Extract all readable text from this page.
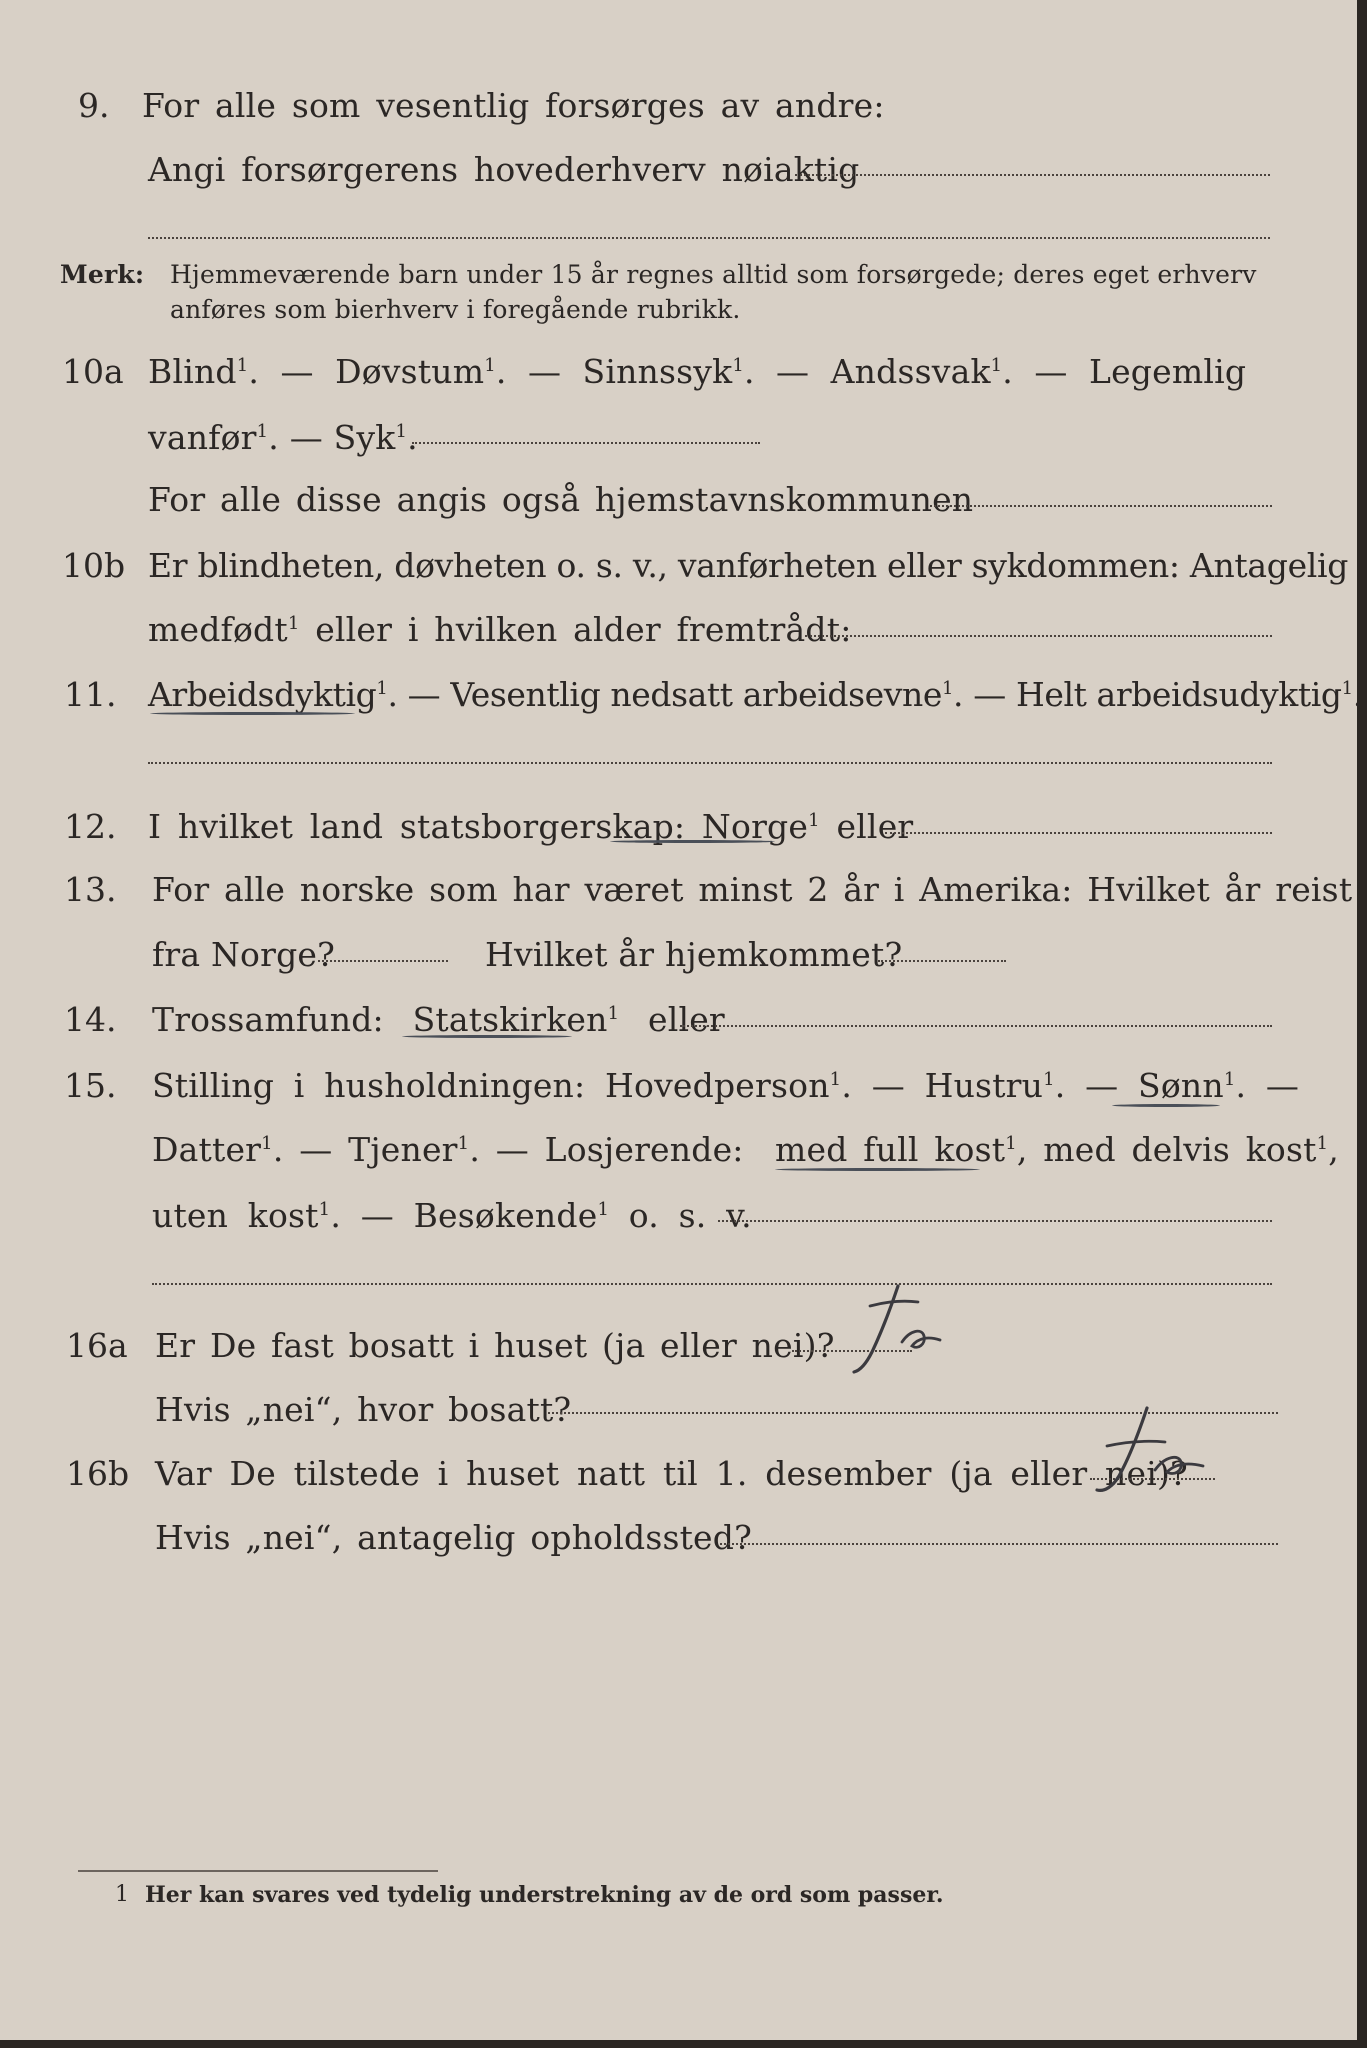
9. For alle som vesentlig forsørges av andre:
Angi forsørgerens hovederhverv nøiaktig
Merk: Hjemmeværende barn under 15 år regnes alltid som forsørgede; deres eget erhverv
anføres som bierhverv i foregående rubrikk.
10a Blind$^1$.  — Døvstum$^1$.  — Sinnssyk$^1$.  — Andssvak$^1$.  — Legemlig
vanfør$^1$. — Syk$^1$.
For alle disse angis også hjemstavnskommunen
10b Er blindheten, døvheten o. s. v., vanførheten eller sykdommen: Antagelig
medfødt$^1$ eller i hvilken alder fremtrådt:
11. Arbeidsdyktig$^1$. — Vesentlig nedsatt arbeidsevne$^1$. — Helt arbeidsudyktig$^1$.
12. I hvilket land statsborgerskap: Norge$^1$ eller
13. For alle norske som har været minst 2 år i Amerika: Hvilket år reist
fra Norge?	Hvilket år hjemkommet?
14. Trossamfund: Statskirken$^1$ eller
15. Stilling i husholdningen: Hovedperson$^1$. — Hustru$^1$. — Sønn$^1$. —
Datter$^1$. — Tjener$^1$. — Losjerende: med full kost$^1$, med delvis kost$^1$,
uten kost$^1$. — Besøkende$^1$ o. s. v.
16a Er De fast bosatt i huset (ja eller nei)?
Ja
Hvis „nei“, hvor bosatt?
16b Var De tilstede i huset natt til 1. desember (ja eller nei)?
Ja
Hvis „nei“, antagelig opholdssted?
1 Her kan svares ved tydelig understrekning av de ord som passer.
